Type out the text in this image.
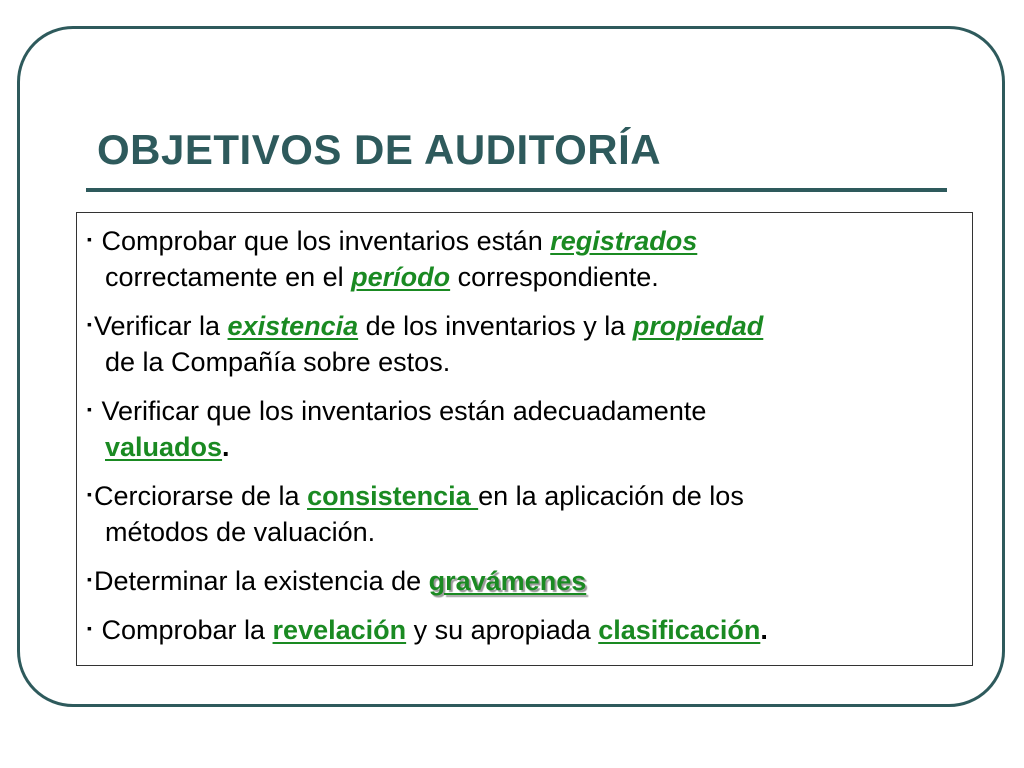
OBJETIVOS DE AUDITORÍA
▪ Comprobar que los inventarios están registrados
correctamente en el período correspondiente.
▪Verificar la existencia de los inventarios y la propiedad
de la Compañía sobre estos.
▪ Verificar que los inventarios están adecuadamente
valuados.
▪Cerciorarse de la consistencia en la aplicación de los
métodos de valuación.
▪Determinar la existencia de gravámenes
▪ Comprobar la revelación y su apropiada clasificación.
